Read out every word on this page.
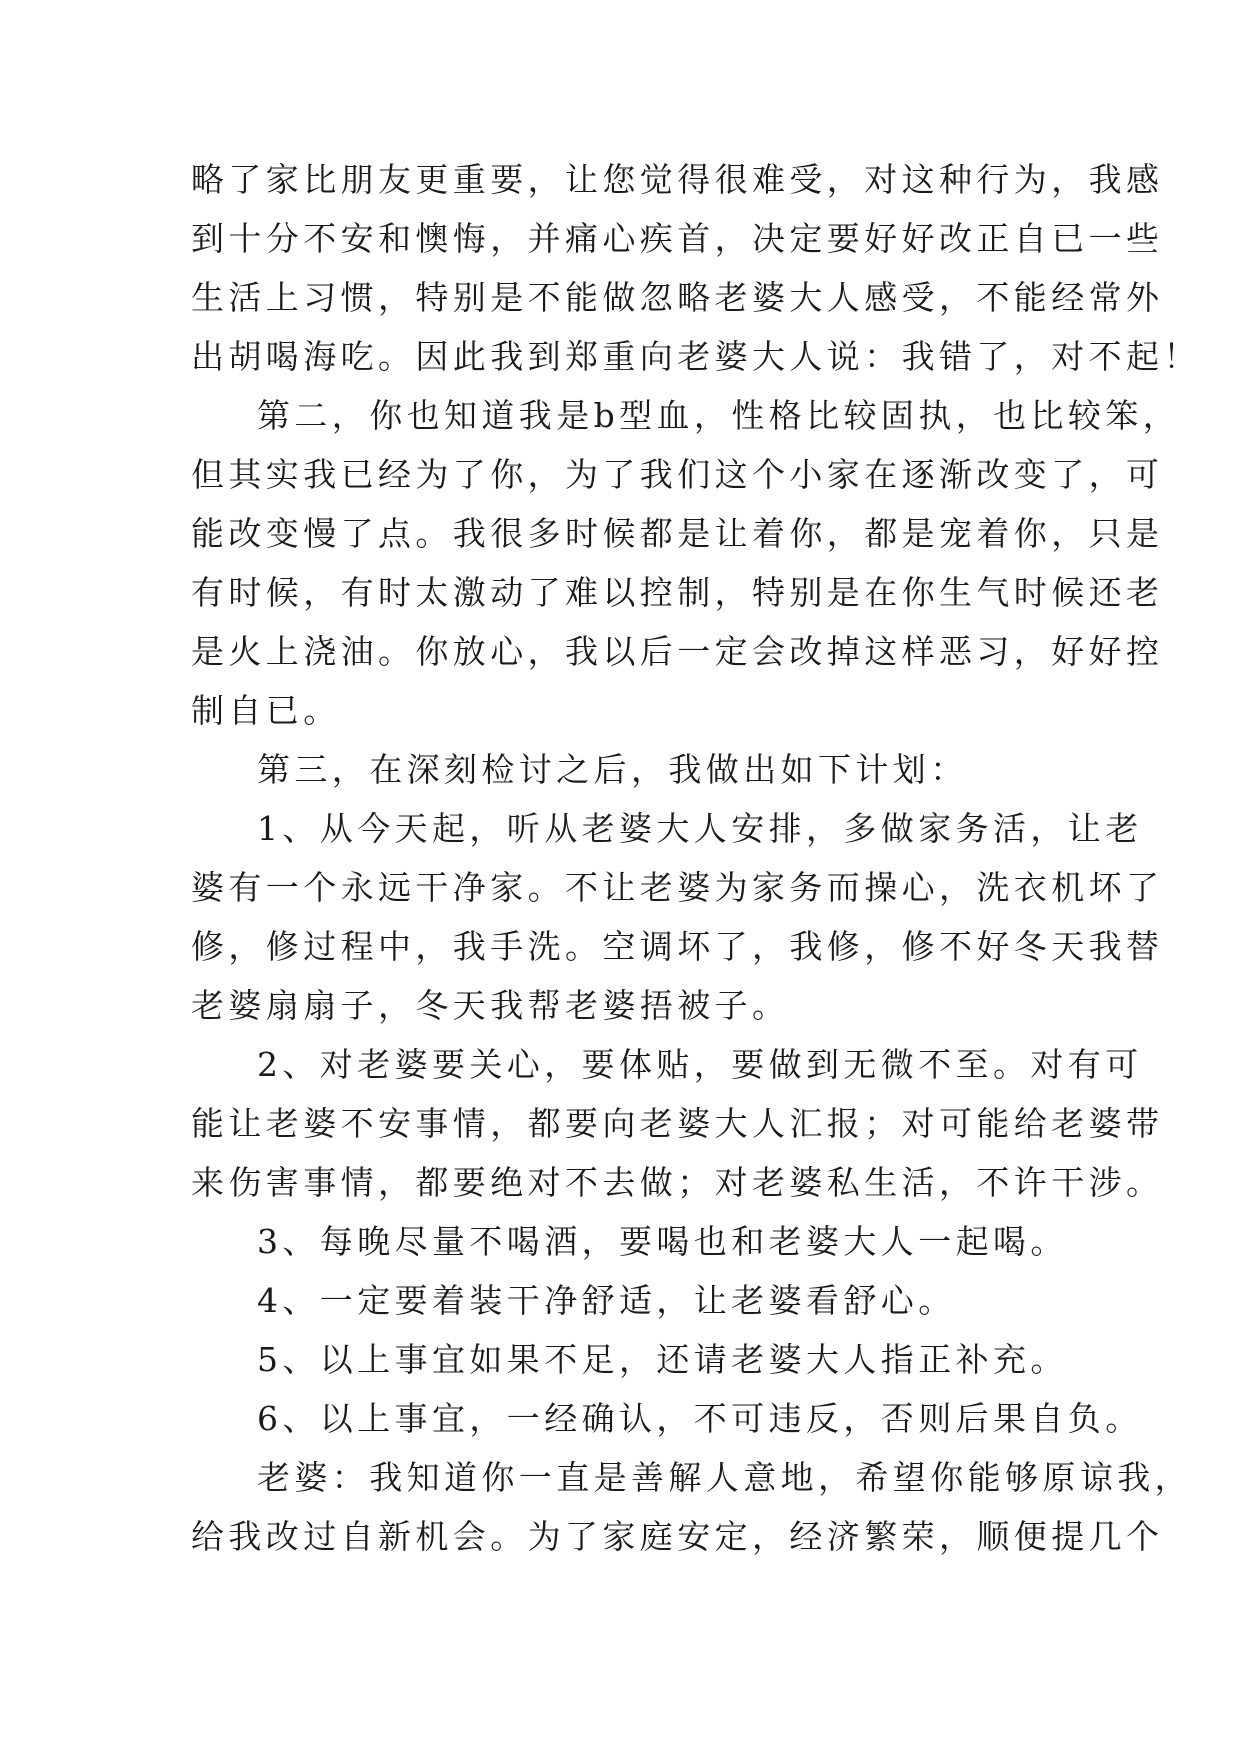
略了家比朋友更重要，让您觉得很难受，对这种行为，我感
到十分不安和懊悔，并痛心疾首，决定要好好改正自已一些
生活上习惯，特别是不能做忽略老婆大人感受，不能经常外
出胡喝海吃。因此我到郑重向老婆大人说：我错了，对不起！
第二，你也知道我是b型血，性格比较固执，也比较笨，
但其实我已经为了你，为了我们这个小家在逐渐改变了，可
能改变慢了点。我很多时候都是让着你，都是宠着你，只是
有时候，有时太激动了难以控制，特别是在你生气时候还老
是火上浇油。你放心，我以后一定会改掉这样恶习，好好控
制自已。
第三，在深刻检讨之后，我做出如下计划：
1、从今天起，听从老婆大人安排，多做家务活，让老
婆有一个永远干净家。不让老婆为家务而操心，洗衣机坏了
修，修过程中，我手洗。空调坏了，我修，修不好冬天我替
老婆扇扇子，冬天我帮老婆捂被子。
2、对老婆要关心，要体贴，要做到无微不至。对有可
能让老婆不安事情，都要向老婆大人汇报；对可能给老婆带
来伤害事情，都要绝对不去做；对老婆私生活，不许干涉。
3、每晚尽量不喝酒，要喝也和老婆大人一起喝。
4、一定要着装干净舒适，让老婆看舒心。
5、以上事宜如果不足，还请老婆大人指正补充。
6、以上事宜，一经确认，不可违反，否则后果自负。
老婆：我知道你一直是善解人意地，希望你能够原谅我，
给我改过自新机会。为了家庭安定，经济繁荣，顺便提几个
